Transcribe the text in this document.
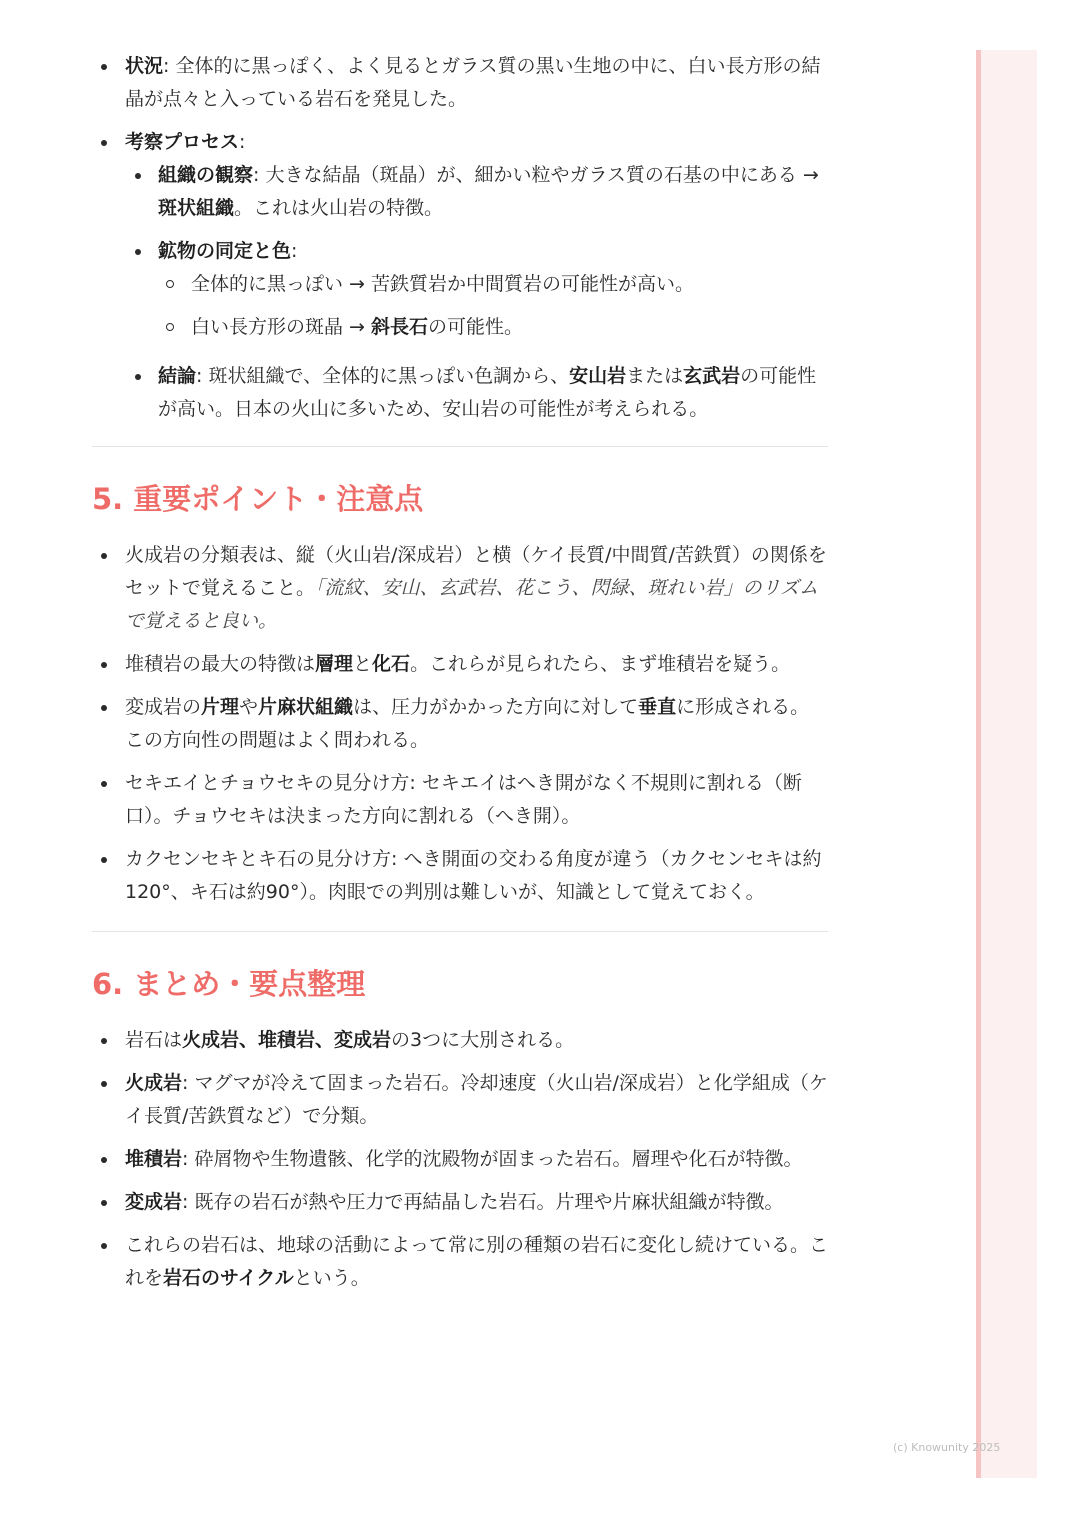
状況: 全体的に黒っぽく、よく見るとガラス質の黒い生地の中に、白い長方形の結晶が点々と入っている岩石を発見した。
考察プロセス:
組織の観察: 大きな結晶（斑晶）が、細かい粒やガラス質の石基の中にある → 斑状組織。これは火山岩の特徴。
鉱物の同定と色:
全体的に黒っぽい → 苦鉄質岩か中間質岩の可能性が高い。
白い長方形の斑晶 → 斜長石の可能性。
結論: 斑状組織で、全体的に黒っぽい色調から、安山岩または玄武岩の可能性が高い。日本の火山に多いため、安山岩の可能性が考えられる。
5. 重要ポイント・注意点
火成岩の分類表は、縦（火山岩/深成岩）と横（ケイ長質/中間質/苦鉄質）の関係をセットで覚えること。「流紋、安山、玄武岩、花こう、閃緑、斑れい岩」のリズムで覚えると良い。
堆積岩の最大の特徴は層理と化石。これらが見られたら、まず堆積岩を疑う。
変成岩の片理や片麻状組織は、圧力がかかった方向に対して垂直に形成される。この方向性の問題はよく問われる。
セキエイとチョウセキの見分け方: セキエイはへき開がなく不規則に割れる（断口）。チョウセキは決まった方向に割れる（へき開）。
カクセンセキとキ石の見分け方: へき開面の交わる角度が違う（カクセンセキは約120°、キ石は約90°）。肉眼での判別は難しいが、知識として覚えておく。
6. まとめ・要点整理
岩石は火成岩、堆積岩、変成岩の3つに大別される。
火成岩: マグマが冷えて固まった岩石。冷却速度（火山岩/深成岩）と化学組成（ケイ長質/苦鉄質など）で分類。
堆積岩: 砕屑物や生物遺骸、化学的沈殿物が固まった岩石。層理や化石が特徴。
変成岩: 既存の岩石が熱や圧力で再結晶した岩石。片理や片麻状組織が特徴。
これらの岩石は、地球の活動によって常に別の種類の岩石に変化し続けている。これを岩石のサイクルという。
(c) Knowunity 2025
